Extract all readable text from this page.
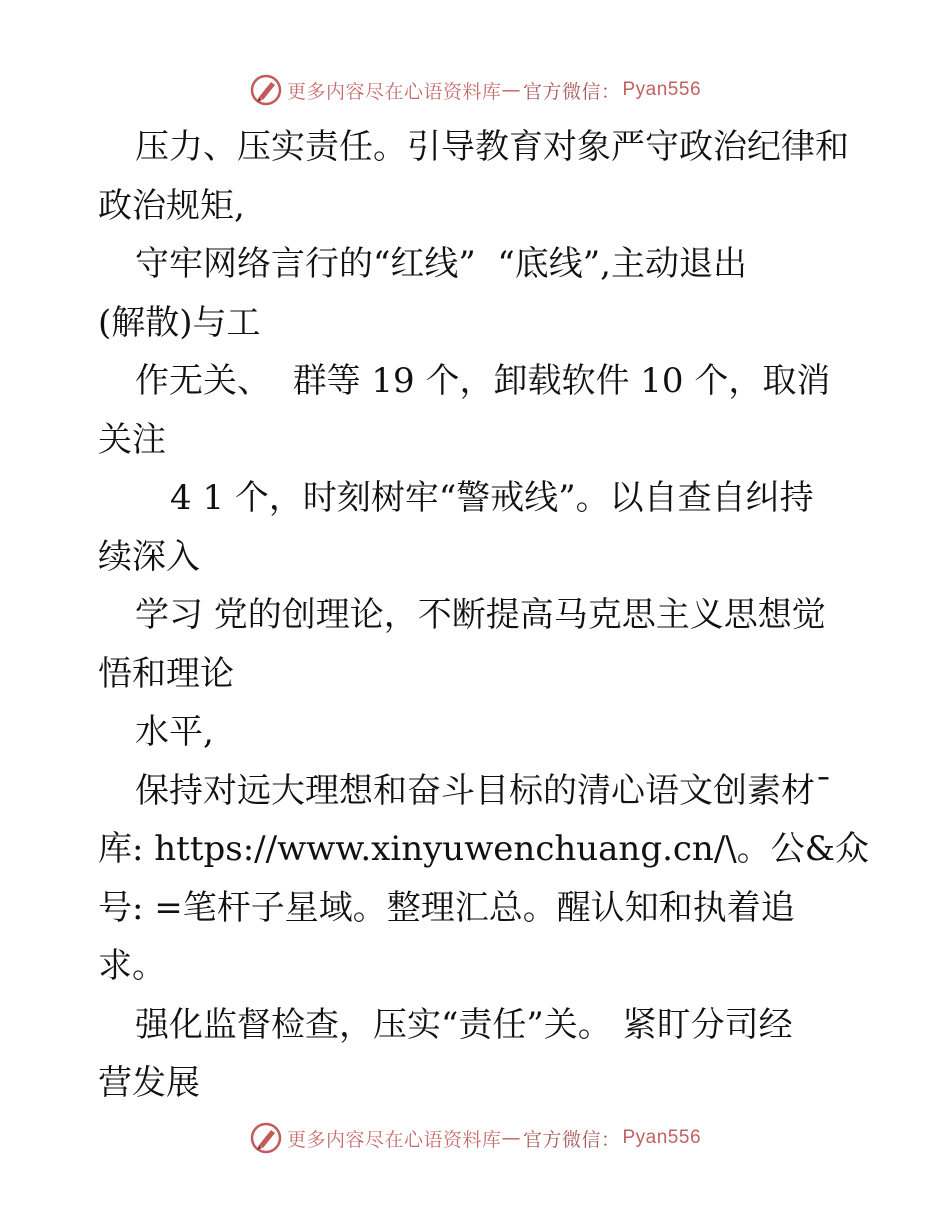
更多内容尽在心语资料库 — 官方微信： Pyan556
压力、压实责任。引导教育对象严守政治纪律和
政治规矩,
守牢网络言行的“红线”  “底线”,主动退出
(解散)与工
作无关、  群等 19 个，卸载软件 10 个，取消
关注
4 1 个，时刻树牢“警戒线”。以自查自纠持
续深入
学习 党的创理论，不断提高马克思主义思想觉
悟和理论
水平,
保持对远大理想和奋斗目标的清心语文创素材¯
库: https://www.xinyuwenchuang.cn/\。公&众
号: =笔杆子星域。整理汇总。醒认知和执着追
求。
强化监督检查，压实“责任”关。 紧盯分司经
营发展
更多内容尽在心语资料库 — 官方微信： Pyan556
